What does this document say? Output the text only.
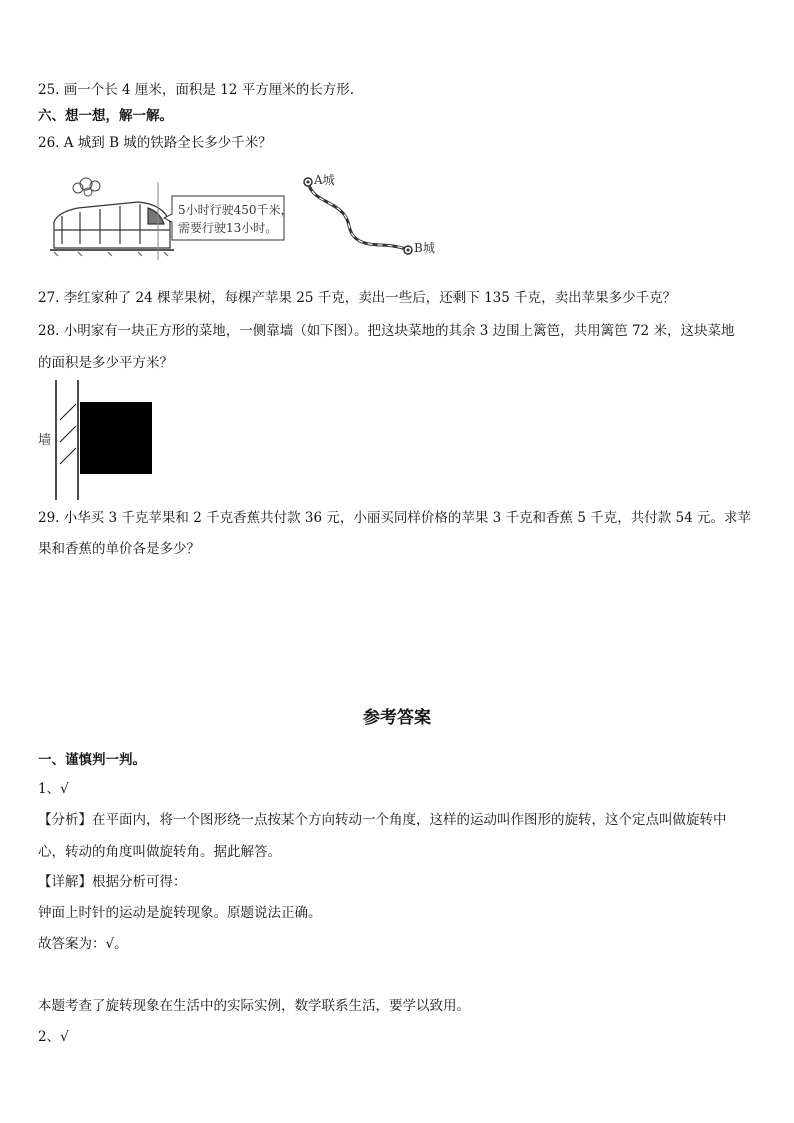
25. 画一个长 4 厘米，面积是 12 平方厘米的长方形.
六、想一想，解一解。
26. A 城到 B 城的铁路全长多少千米？
5小时行驶450千米，
需要行驶13小时。
A城
B城
27. 李红家种了 24 棵苹果树，每棵产苹果 25 千克，卖出一些后，还剩下 135 千克，卖出苹果多少千克？
28. 小明家有一块正方形的菜地，一侧靠墙（如下图）。把这块菜地的其余 3 边围上篱笆，共用篱笆 72 米，这块菜地
的面积是多少平方米？
墙
29. 小华买 3 千克苹果和 2 千克香蕉共付款 36 元，小丽买同样价格的苹果 3 千克和香蕉 5 千克，共付款 54 元。求苹
果和香蕉的单价各是多少？
参考答案
一、谨慎判一判。
1、√
【分析】在平面内，将一个图形绕一点按某个方向转动一个角度，这样的运动叫作图形的旋转，这个定点叫做旋转中
心，转动的角度叫做旋转角。据此解答。
【详解】根据分析可得：
钟面上时针的运动是旋转现象。原题说法正确。
故答案为：√。
本题考查了旋转现象在生活中的实际实例，数学联系生活，要学以致用。
2、√
